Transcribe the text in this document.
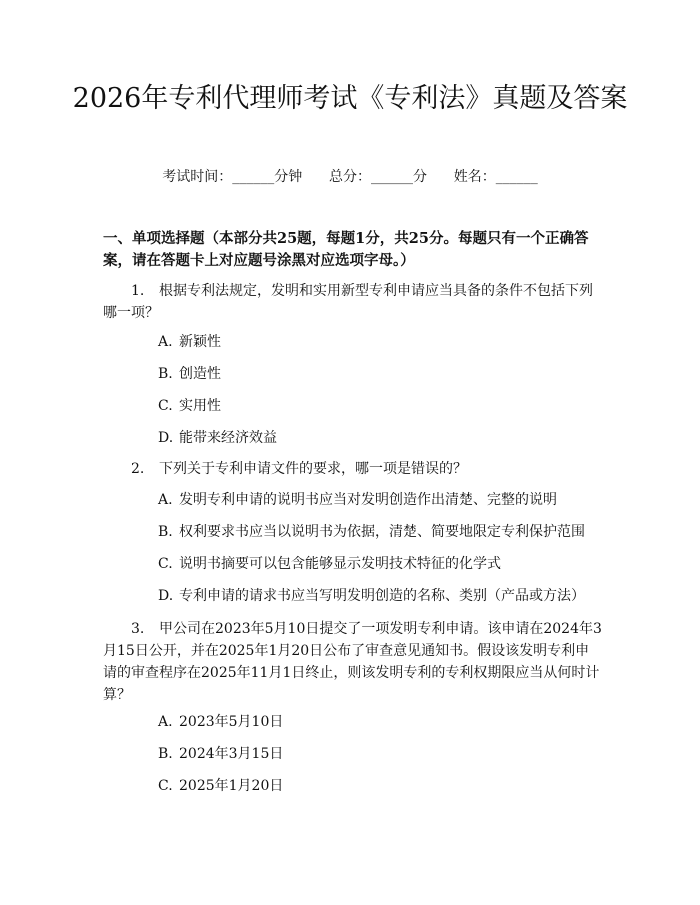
2026年专利代理师考试《专利法》真题及答案
考试时间：______分钟 总分：______分 姓名：______
一、单项选择题（本部分共25题，每题1分，共25分。每题只有一个正确答案，请在答题卡上对应题号涂黑对应选项字母。）
1. 根据专利法规定，发明和实用新型专利申请应当具备的条件不包括下列哪一项？
A. 新颖性
B. 创造性
C. 实用性
D. 能带来经济效益
2. 下列关于专利申请文件的要求，哪一项是错误的？
A. 发明专利申请的说明书应当对发明创造作出清楚、完整的说明
B. 权利要求书应当以说明书为依据，清楚、简要地限定专利保护范围
C. 说明书摘要可以包含能够显示发明技术特征的化学式
D. 专利申请的请求书应当写明发明创造的名称、类别（产品或方法）
3. 甲公司在2023年5月10日提交了一项发明专利申请。该申请在2024年3月15日公开，并在2025年1月20日公布了审查意见通知书。假设该发明专利申请的审查程序在2025年11月1日终止，则该发明专利的专利权期限应当从何时计算？
A. 2023年5月10日
B. 2024年3月15日
C. 2025年1月20日
